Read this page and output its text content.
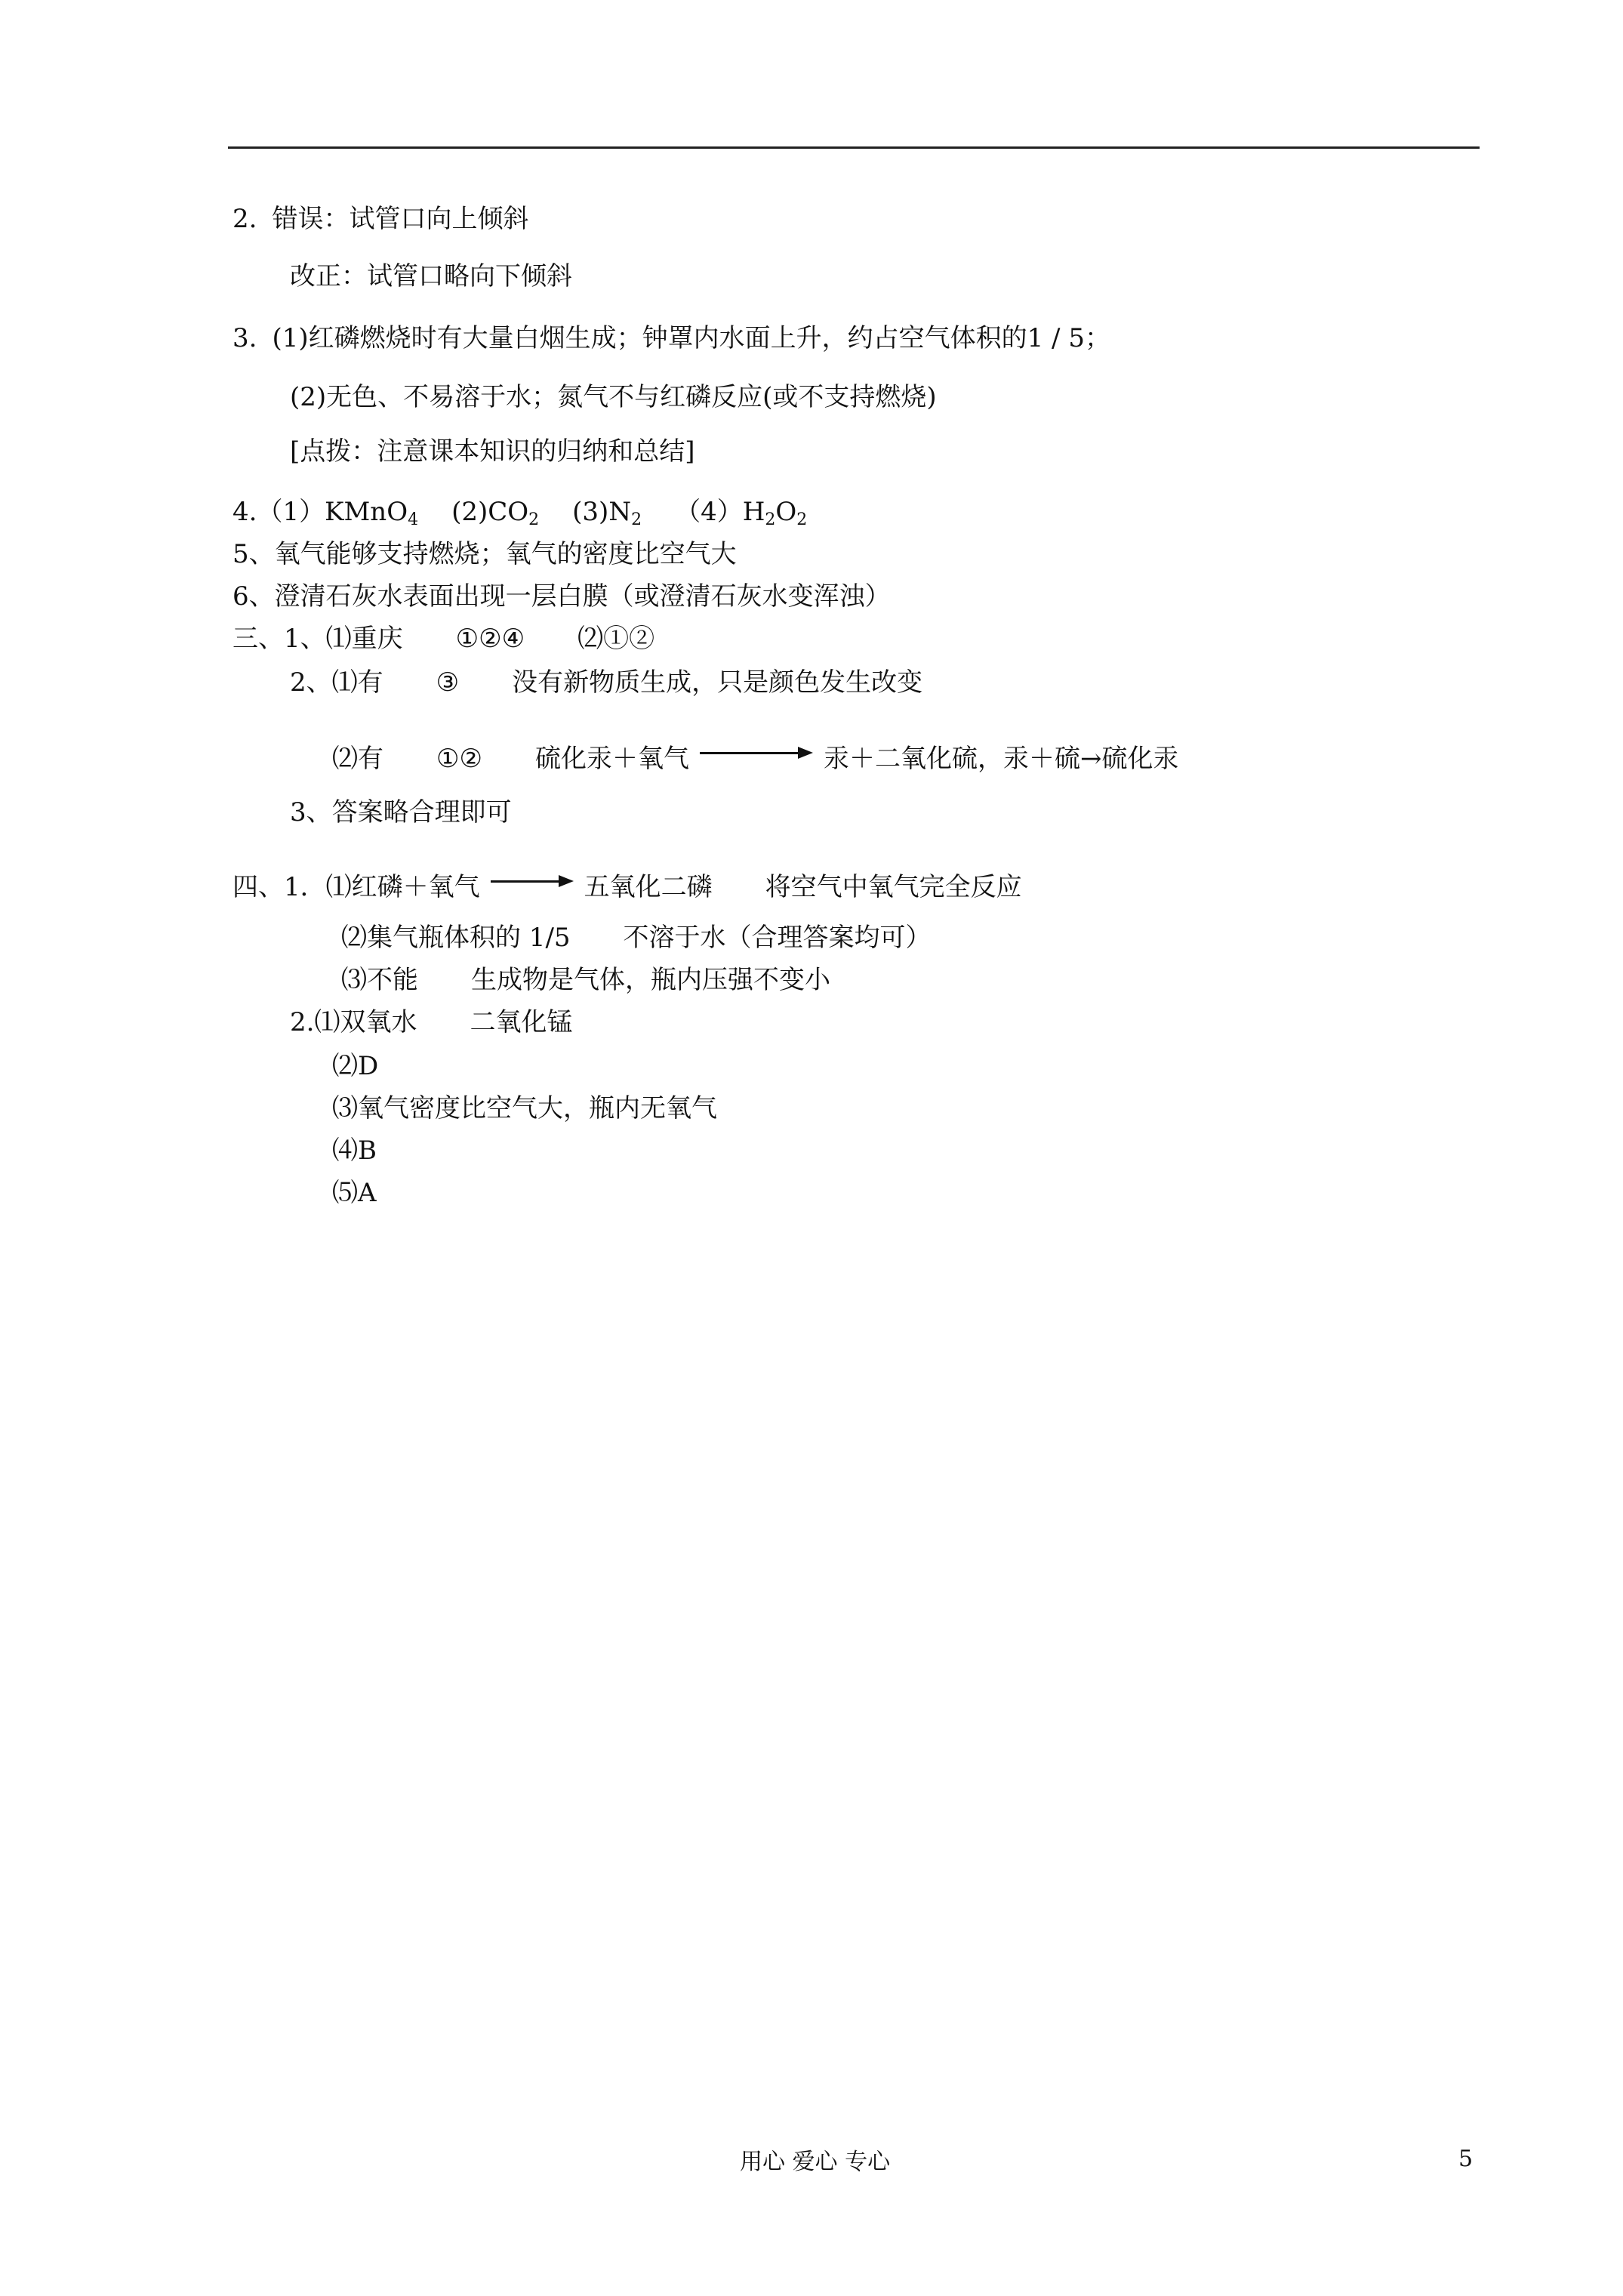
2. 错误：试管口向上倾斜
改正：试管口略向下倾斜
3. (1)红磷燃烧时有大量白烟生成；钟罩内水面上升，约占空气体积的1 / 5；
(2)无色、不易溶于水；氮气不与红磷反应(或不支持燃烧)
[点拨：注意课本知识的归纳和总结]
4.（1）KMnO$_4$ $(2)CO_2$ $(3)N_2$ $(4)H_2O_2$
5、氧气能够支持燃烧；氧气的密度比空气大
6、澄清石灰水表面出现一层白膜（或澄清石灰水变浑浊）
三、1、⑴重庆 ①②④ ⑵①②
2、⑴有 ③ 没有新物质生成，只是颜色发生改变
⑵有 ①② 硫化汞＋氧气	汞＋二氧化硫，汞＋硫→硫化汞
3、答案略合理即可
四、1．⑴红磷＋氧气	五氧化二磷 将空气中氧气完全反应
⑵集气瓶体积的 1/5 不溶于水（合理答案均可）
⑶不能 生成物是气体，瓶内压强不变小
2.⑴双氧水 二氧化锰
⑵D
⑶氧气密度比空气大，瓶内无氧气
⑷B
⑸A
用心 爱心 专心	5
